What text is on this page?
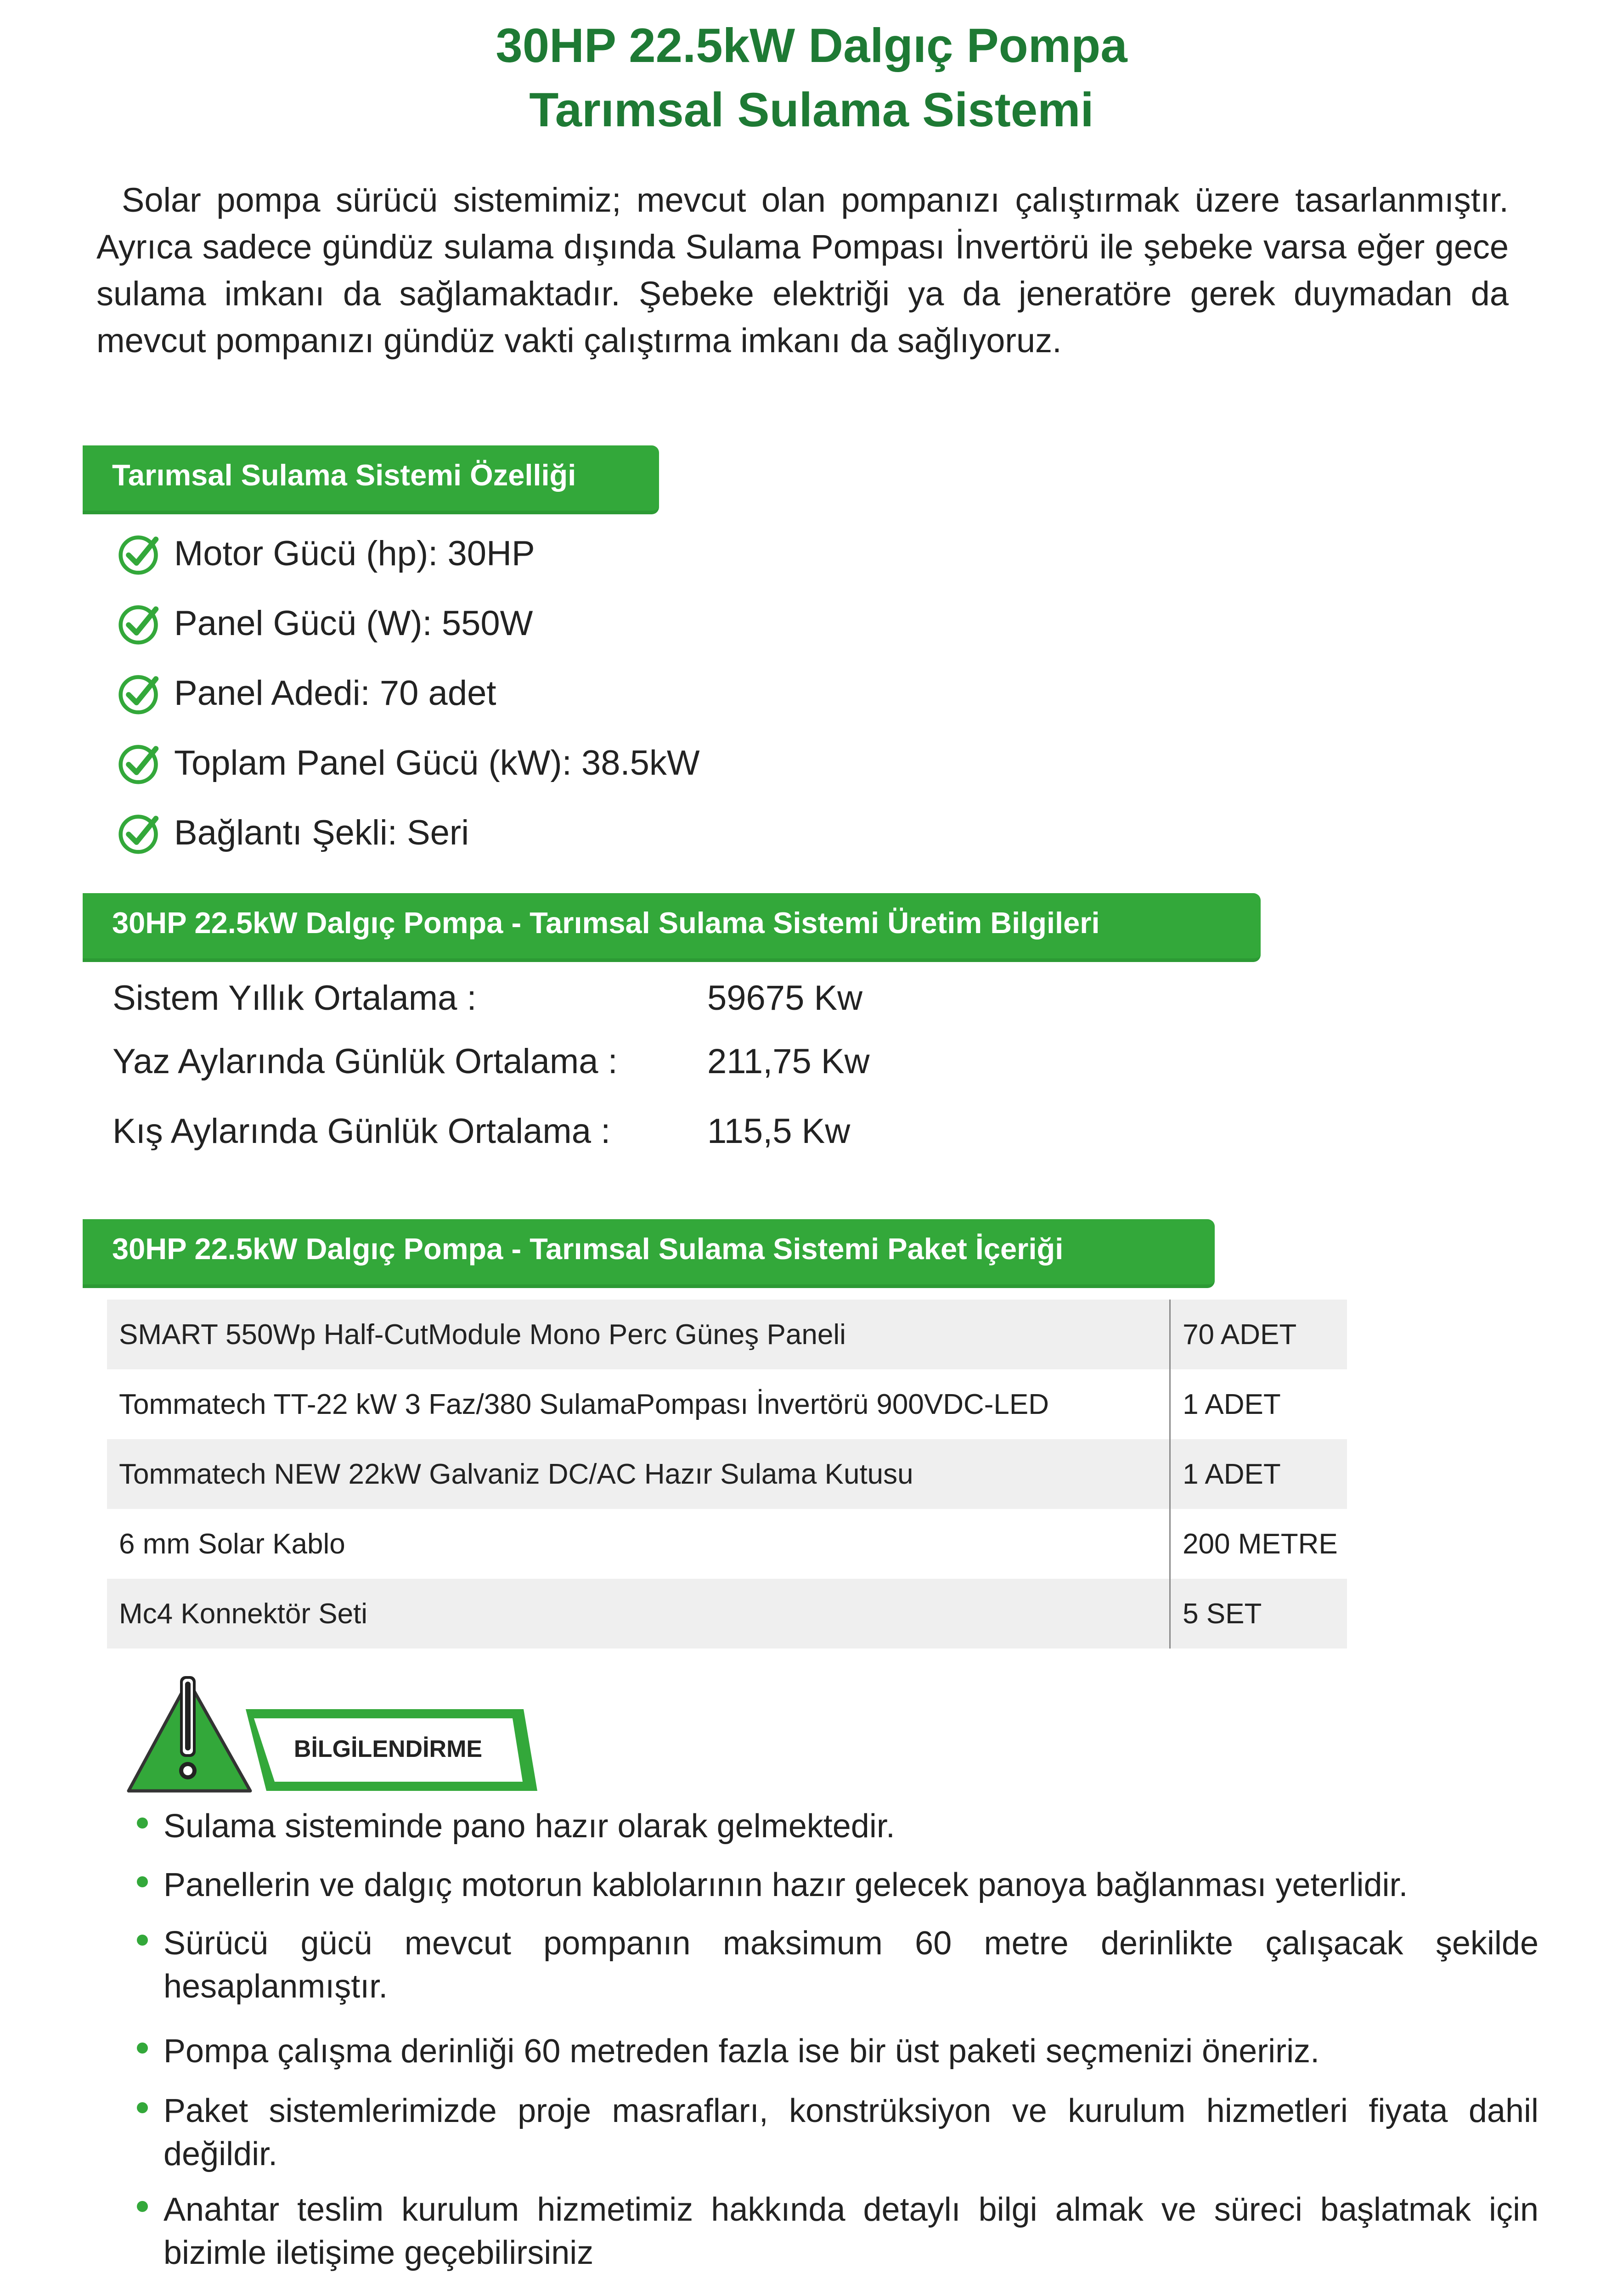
30HP 22.5kW Dalgıç Pompa
Tarımsal Sulama Sistemi
Solar pompa sürücü sistemimiz; mevcut olan pompanızı çalıştırmak üzere tasarlanmıştır. Ayrıca sadece gündüz sulama dışında Sulama Pompası İnvertörü ile şebeke varsa eğer gece sulama imkanı da sağlamaktadır. Şebeke elektriği ya da jeneratöre gerek duymadan da mevcut pompanızı gündüz vakti çalıştırma imkanı da sağlıyoruz.
Tarımsal Sulama Sistemi Özelliği
Motor Gücü (hp): 30HP
Panel Gücü (W): 550W
Panel Adedi: 70 adet
Toplam Panel Gücü (kW): 38.5kW
Bağlantı Şekli: Seri
30HP 22.5kW Dalgıç Pompa - Tarımsal Sulama Sistemi Üretim Bilgileri
Sistem Yıllık Ortalama :	59675 Kw
Yaz Aylarında Günlük Ortalama :	211,75 Kw
Kış Aylarında Günlük Ortalama :	115,5 Kw
30HP 22.5kW Dalgıç Pompa - Tarımsal Sulama Sistemi Paket İçeriği
SMART 550Wp Half-CutModule Mono Perc Güneş Paneli	70 ADET
Tommatech TT-22 kW 3 Faz/380 SulamaPompası İnvertörü 900VDC-LED	1 ADET
Tommatech NEW 22kW Galvaniz DC/AC Hazır Sulama Kutusu	1 ADET
6 mm Solar Kablo	200 METRE
Mc4 Konnektör Seti	5 SET
BİLGİLENDİRME
Sulama sisteminde pano hazır olarak gelmektedir.
Panellerin ve dalgıç motorun kablolarının hazır gelecek panoya bağlanması yeterlidir.
Sürücü gücü mevcut pompanın maksimum 60 metre derinlikte çalışacak şekilde hesaplanmıştır.
Pompa çalışma derinliği 60 metreden fazla ise bir üst paketi seçmenizi öneririz.
Paket sistemlerimizde proje masrafları, konstrüksiyon ve kurulum hizmetleri fiyata dahil değildir.
Anahtar teslim kurulum hizmetimiz hakkında detaylı bilgi almak ve süreci başlatmak için bizimle iletişime geçebilirsiniz
